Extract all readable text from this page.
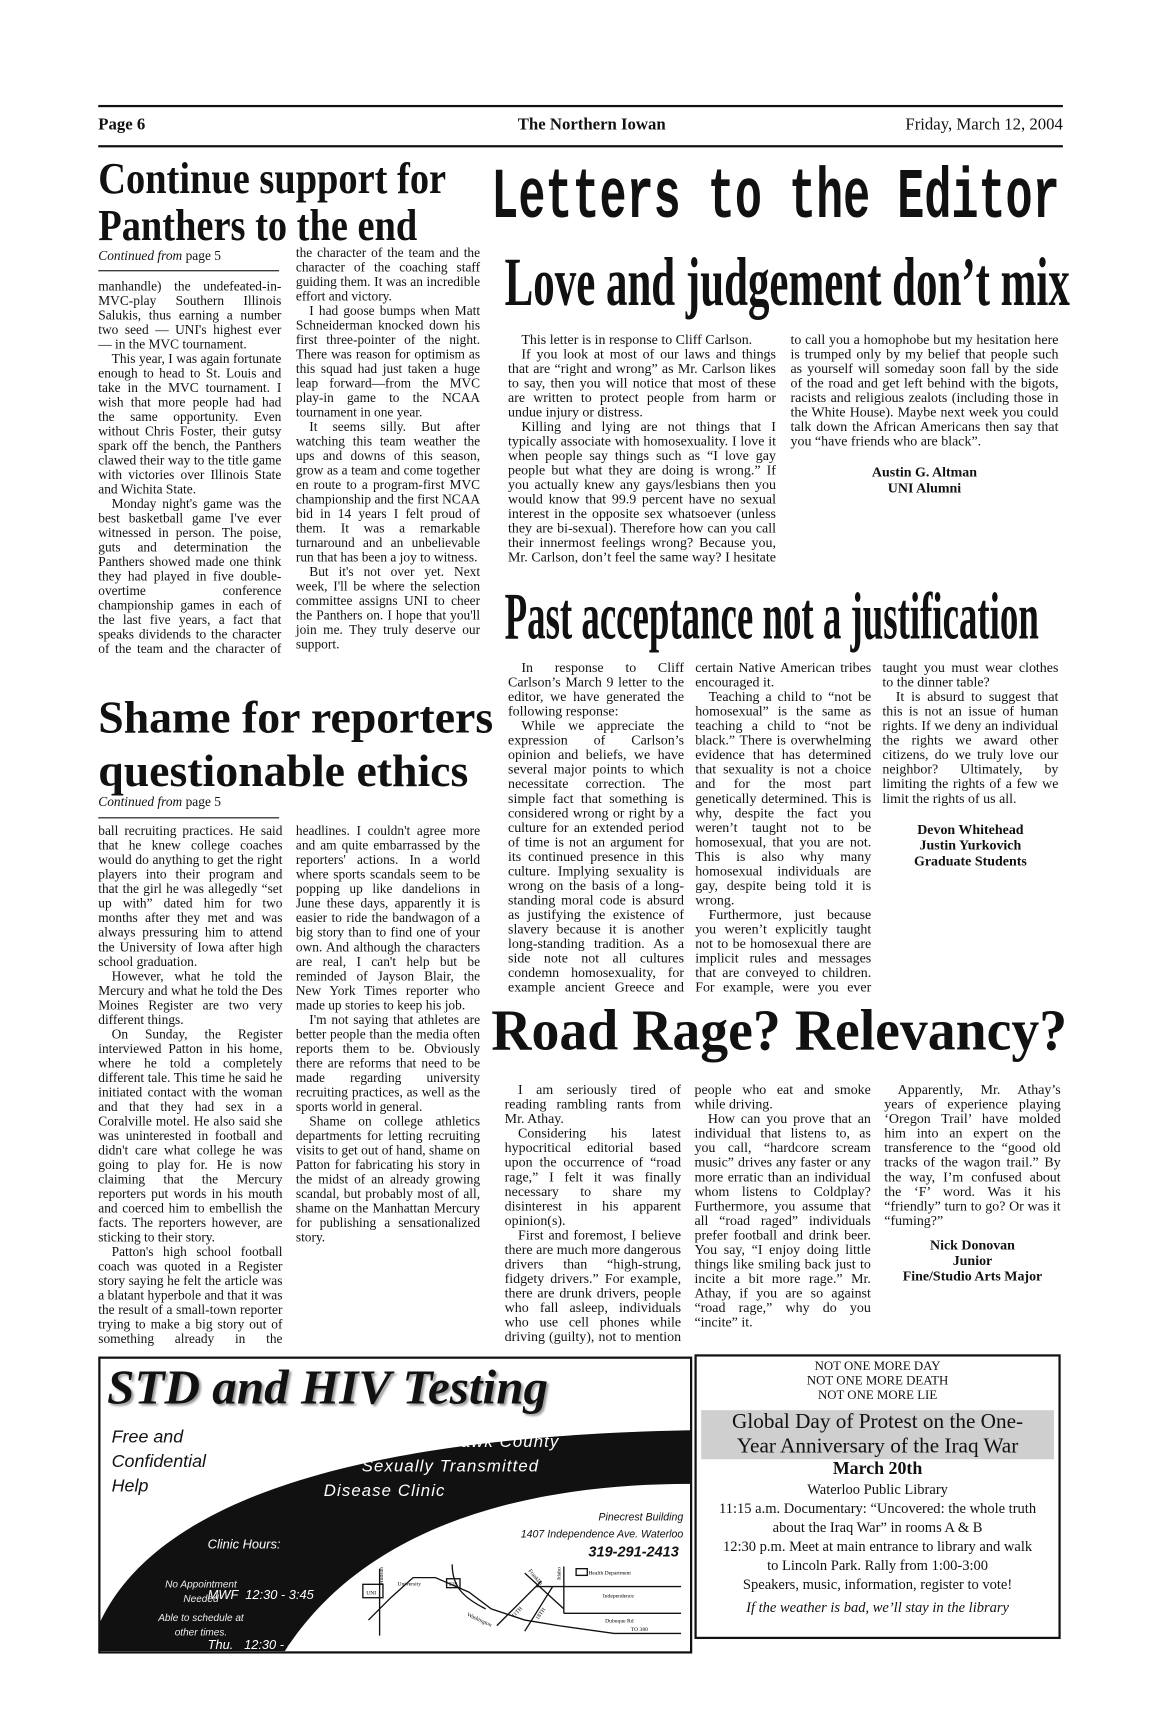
Page 6	The Northern Iowan	Friday, March 12, 2004
Continue support for
Panthers to the end
Continued from page 5

manhandle) the undefeated-in-MVC-play Southern Illinois Salukis, thus earning a number two seed — UNI's highest ever — in the MVC tournament.

This year, I was again fortunate enough to head to St. Louis and take in the MVC tournament. I wish that more people had had the same opportunity. Even without Chris Foster, their gutsy spark off the bench, the Panthers clawed their way to the title game with victories over Illinois State and Wichita State.

Monday night's game was the best basketball game I've ever witnessed in person. The poise, guts and determination the Panthers showed made one think they had played in five double-overtime conference championship games in each of the last five years, a fact that speaks dividends to the character of the team and the character of

the character of the team and the character of the coaching staff guiding them. It was an incredible effort and victory.

I had goose bumps when Matt Schneiderman knocked down his first three-pointer of the night. There was reason for optimism as this squad had just taken a huge leap forward—from the MVC play-in game to the NCAA tournament in one year.

It seems silly. But after watching this team weather the ups and downs of this season, grow as a team and come together en route to a program-first MVC championship and the first NCAA bid in 14 years I felt proud of them. It was a remarkable turnaround and an unbelievable run that has been a joy to witness.

But it's not over yet. Next week, I'll be where the selection committee assigns UNI to cheer the Panthers on. I hope that you'll join me. They truly deserve our support.

Shame for reporters
questionable ethics
Continued from page 5

ball recruiting practices. He said that he knew college coaches would do anything to get the right players into their program and that the girl he was allegedly “set up with” dated him for two months after they met and was always pressuring him to attend the University of Iowa after high school graduation.

However, what he told the Mercury and what he told the Des Moines Register are two very different things.

On Sunday, the Register interviewed Patton in his home, where he told a completely different tale. This time he said he initiated contact with the woman and that they had sex in a Coralville motel. He also said she was uninterested in football and didn't care what college he was going to play for. He is now claiming that the Mercury reporters put words in his mouth and coerced him to embellish the facts. The reporters however, are sticking to their story.

Patton's high school football coach was quoted in a Register story saying he felt the article was a blatant hyperbole and that it was the result of a small-town reporter trying to make a big story out of something already in the headlines. I couldn't agree more and am quite embarrassed by the reporters' actions. In a world where sports scandals seem to be popping up like dandelions in June these days, apparently it is easier to ride the bandwagon of a big story than to find one of your own. And although the characters are real, I can't help but be reminded of Jayson Blair, the New York Times reporter who made up stories to keep his job.

I'm not saying that athletes are better people than the media often reports them to be. Obviously there are reforms that need to be made regarding university recruiting practices, as well as the sports world in general.

Shame on college athletics departments for letting recruiting visits to get out of hand, shame on Patton for fabricating his story in the midst of an already growing scandal, but probably most of all, shame on the Manhattan Mercury for publishing a sensationalized story.

Letters to the Editor
Love and judgement don’t mix

This letter is in response to Cliff Carlson.

If you look at most of our laws and things that are “right and wrong” as Mr. Carlson likes to say, then you will notice that most of these are written to protect people from harm or undue injury or distress.

Killing and lying are not things that I typically associate with homosexuality. I love it when people say things such as “I love gay people but what they are doing is wrong.” If you actually knew any gays/lesbians then you would know that 99.9 percent have no sexual interest in the opposite sex whatsoever (unless they are bi-sexual). Therefore how can you call their innermost feelings wrong? Because you, Mr. Carlson, don’t feel the same way? I hesitate to call you a homophobe but my hesitation here is trumped only by my belief that people such as yourself will someday soon fall by the side of the road and get left behind with the bigots, racists and religious zealots (including those in the White House). Maybe next week you could talk down the African Americans then say that you “have friends who are black”.

Austin G. Altman
UNI Alumni
Past acceptance not a justification

In response to Cliff Carlson’s March 9 letter to the editor, we have generated the following response:

While we appreciate the expression of Carlson’s opinion and beliefs, we have several major points to which necessitate correction. The simple fact that something is considered wrong or right by a culture for an extended period of time is not an argument for its continued presence in this culture. Implying sexuality is wrong on the basis of a long-standing moral code is absurd as justifying the existence of slavery because it is another long-standing tradition. As a side note not all cultures condemn homosexuality, for example ancient Greece and certain Native American tribes encouraged it.

Teaching a child to “not be homosexual” is the same as teaching a child to “not be black.” There is overwhelming evidence that has determined that sexuality is not a choice and for the most part genetically determined. This is why, despite the fact you weren’t taught not to be homosexual, that you are not. This is also why many homosexual individuals are gay, despite being told it is wrong.

Furthermore, just because you weren’t explicitly taught not to be homosexual there are implicit rules and messages that are conveyed to children. For example, were you ever taught you must wear clothes to the dinner table?

It is absurd to suggest that this is not an issue of human rights. If we deny an individual the rights we award other citizens, do we truly love our neighbor? Ultimately, by limiting the rights of a few we limit the rights of us all.

Devon Whitehead
Justin Yurkovich
Graduate Students
Road Rage? Relevancy?

I am seriously tired of reading rambling rants from Mr. Athay.

Considering his latest hypocritical editorial based upon the occurrence of “road rage,” I felt it was finally necessary to share my disinterest in his apparent opinion(s).

First and foremost, I believe there are much more dangerous drivers than “high-strung, fidgety drivers.” For example, there are drunk drivers, people who fall asleep, individuals who use cell phones while driving (guilty), not to mention people who eat and smoke while driving.

How can you prove that an individual that listens to, as you call, “hardcore scream music” drives any faster or any more erratic than an individual whom listens to Coldplay? Furthermore, you assume that all “road raged” individuals prefer football and drink beer. You say, “I enjoy doing little things like smiling back just to incite a bit more rage.” Mr. Athay, if you are so against “road rage,” why do you “incite” it.

Apparently, Mr. Athay’s years of experience playing ‘Oregon Trail’ have molded him into an expert on the transference to the “good old tracks of the wagon trail.” By the way, I’m confused about the ‘F’ word. Was it his “friendly” turn to go? Or was it “fuming?”

Nick Donovan
Junior
Fine/Studio Arts Major
STD and HIV Testing
Free and
Confidential
Help
Black Hawk County
Sexually Transmitted
Disease Clinic

Clinic Hours:

MWF  12:30 - 3:45

Thu.   12:30 - 4:45

No Appointment
Needed
Able to schedule at
other times.
Pinecrest Building
1407 Independence Ave. Waterloo
319-291-2413
UNI
Hudson
University	218	Franklin	Idaho	Health Department
Independence
Dubuque Rd
11TH 18TH
Washington
TO 380
NOT ONE MORE DAY
NOT ONE MORE DEATH
NOT ONE MORE LIE
Global Day of Protest on the One-
Year Anniversary of the Iraq War
March 20th
Waterloo Public Library
11:15 a.m. Documentary: “Uncovered: the whole truth
about the Iraq War” in rooms A & B
12:30 p.m. Meet at main entrance to library and walk
to Lincoln Park. Rally from 1:00-3:00
Speakers, music, information, register to vote!
If the weather is bad, we’ll stay in the library
